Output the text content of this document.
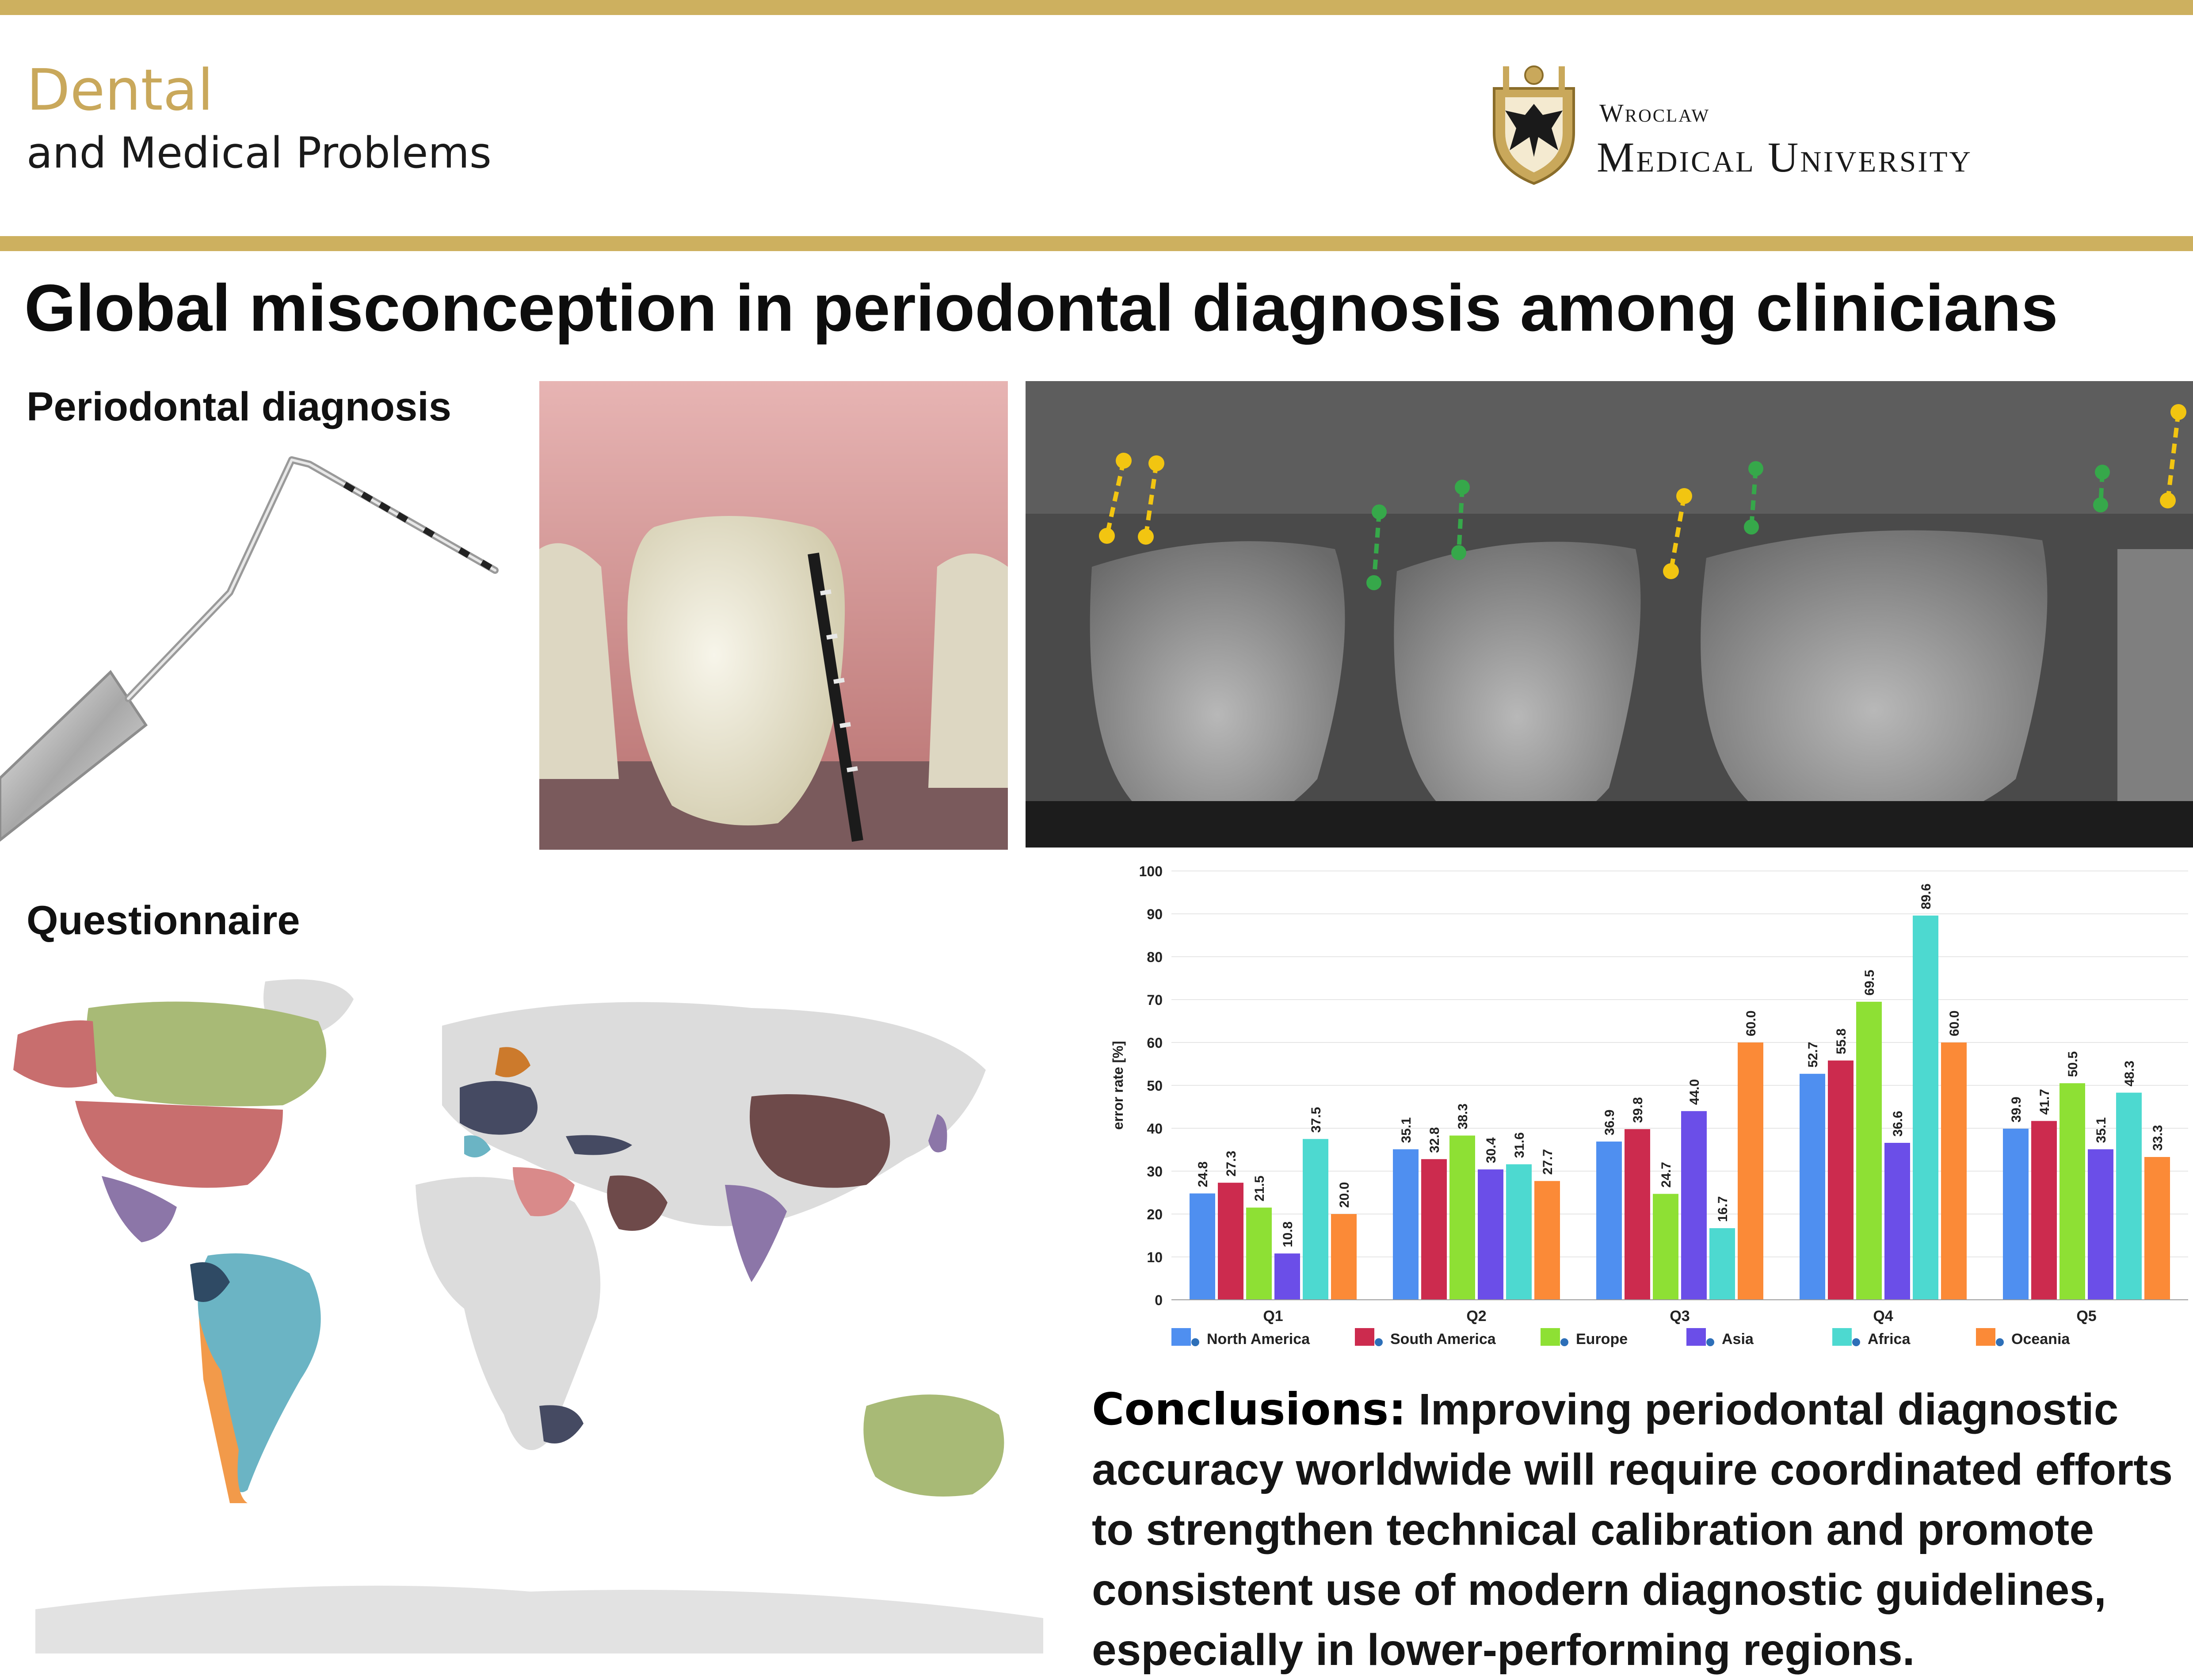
Dental
and Medical Problems
Wroclaw
Medical University
Global misconception in periodontal diagnosis among clinicians
Periodontal diagnosis
Questionnaire
0
10
20
30
40
50
60
70
80
90
100
error rate [%]
24.8 27.3
21.5
10.8
37.5
20.0
Q1
35.1 32.8
38.3
30.4 31.6
27.7
Q2
36.9 39.8
24.7
44.0
16.7
60.0
Q3
52.7
55.8
69.5
36.6
89.6
60.0
Q4
39.9 41.7
50.5
35.1
48.3
33.3
Q5
North America	South America	Europe	Asia	Africa	Oceania
Conclusions: Improving periodontal diagnostic accuracy worldwide will require coordinated efforts to strengthen technical calibration and promote consistent use of modern diagnostic guidelines, especially in lower-performing regions.
